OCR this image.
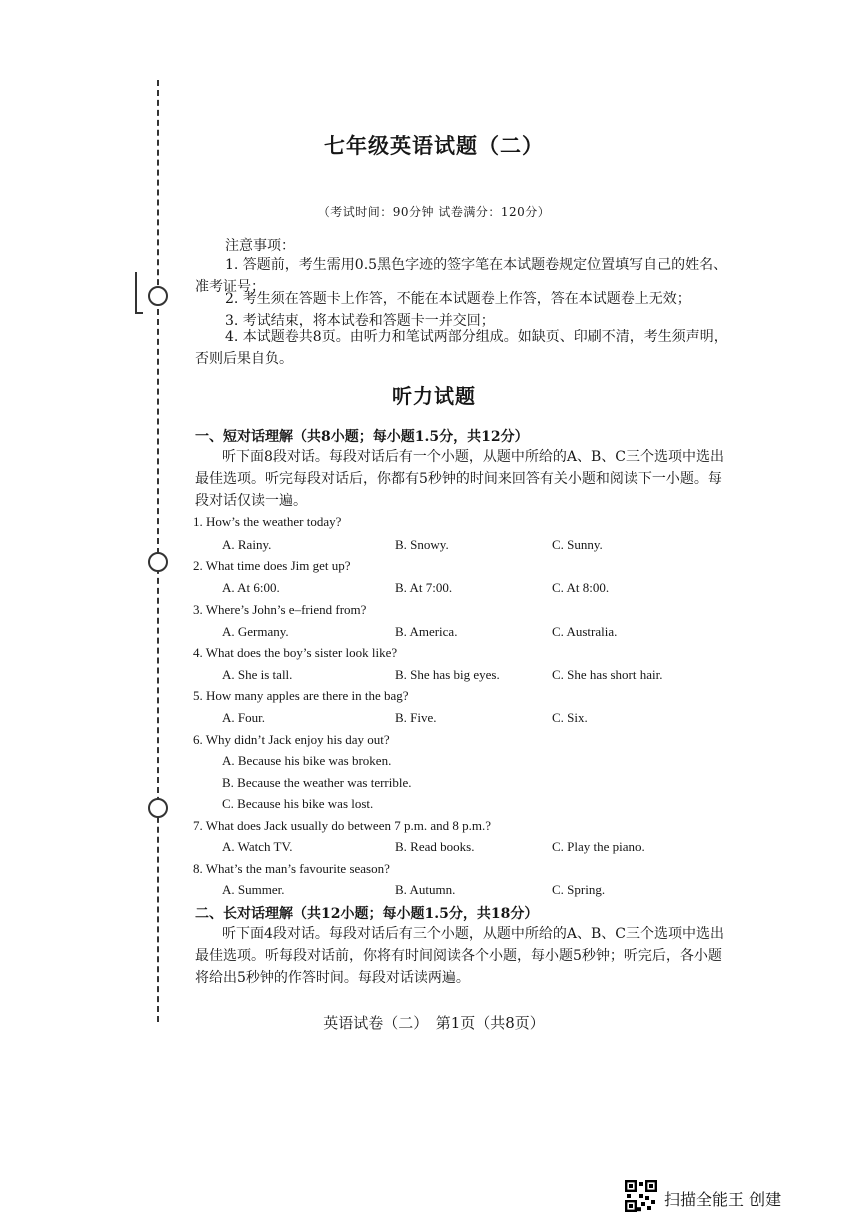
七年级英语试题（二）
（考试时间：90分钟 试卷满分：120分）
注意事项：
1. 答题前，考生需用0.5黑色字迹的签字笔在本试题卷规定位置填写自己的姓名、准考证号；
2. 考生须在答题卡上作答，不能在本试题卷上作答，答在本试题卷上无效；
3. 考试结束，将本试卷和答题卡一并交回；
4. 本试题卷共8页。由听力和笔试两部分组成。如缺页、印刷不清，考生须声明，否则后果自负。
听力试题
一、短对话理解（共8小题；每小题1.5分，共12分）
听下面8段对话。每段对话后有一个小题，从题中所给的A、B、C三个选项中选出最佳选项。听完每段对话后，你都有5秒钟的时间来回答有关小题和阅读下一小题。每段对话仅读一遍。
1. How’s the weather today?
A. Rainy.	B. Snowy.	C. Sunny.
2. What time does Jim get up?
A. At 6:00.	B. At 7:00.	C. At 8:00.
3. Where’s John’s e–friend from?
A. Germany.	B. America.	C. Australia.
4. What does the boy’s sister look like?
A. She is tall.	B. She has big eyes.	C. She has short hair.
5. How many apples are there in the bag?
A. Four.	B. Five.	C. Six.
6. Why didn’t Jack enjoy his day out?
A. Because his bike was broken.
B. Because the weather was terrible.
C. Because his bike was lost.
7. What does Jack usually do between 7 p.m. and 8 p.m.?
A. Watch TV.	B. Read books.	C. Play the piano.
8. What’s the man’s favourite season?
A. Summer.	B. Autumn.	C. Spring.
二、长对话理解（共12小题；每小题1.5分，共18分）
听下面4段对话。每段对话后有三个小题，从题中所给的A、B、C三个选项中选出最佳选项。听每段对话前，你将有时间阅读各个小题，每小题5秒钟；听完后，各小题将给出5秒钟的作答时间。每段对话读两遍。
英语试卷（二）　第1页（共8页）
扫描全能王 创建
